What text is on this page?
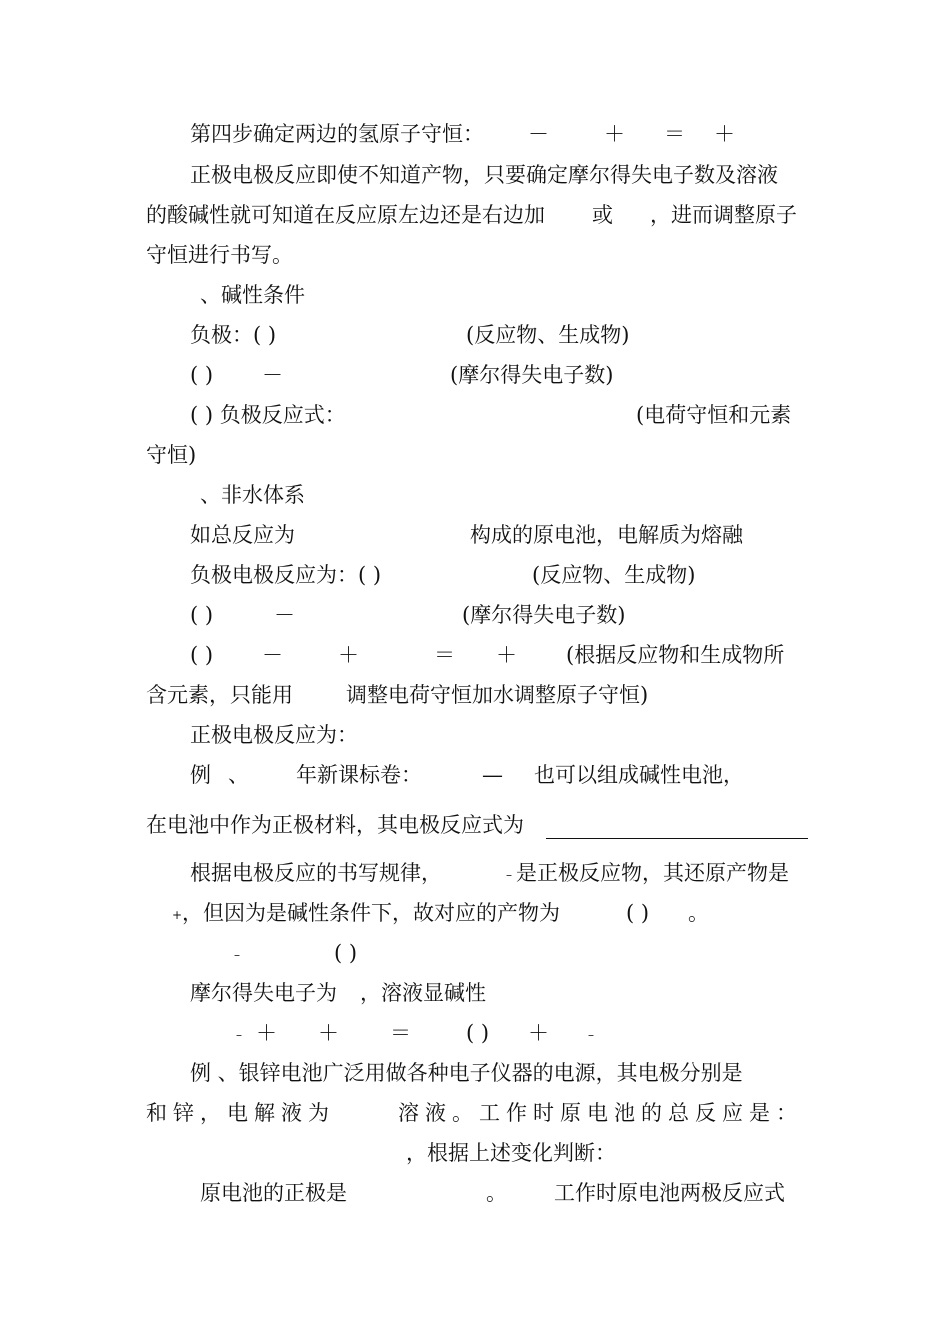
第四步确定两边的氢原子守恒： －	＋ ＝ ＋
正极电极反应即使不知道产物，只要确定摩尔得失电子数及溶液
的酸碱性就可知道在反应原左边还是右边加 或 ，进而调整原子
守恒进行书写。
、碱性条件
负极：( )	(反应物、生成物)
( ) －	(摩尔得失电子数)
( ) 负极反应式：	(电荷守恒和元素
守恒)
、非水体系
如总反应为	构成的原电池，电解质为熔融
负极电极反应为：( )	(反应物、生成物)
( )	－	(摩尔得失电子数)
( ) －	＋	＝ ＋ (根据反应物和生成物所
含元素，只能用	调整电荷守恒加水调整原子守恒)
正极电极反应为：
例 、 年新课标卷：	— 也可以组成碱性电池，
在电池中作为正极材料，其电极反应式为
根据电极反应的书写规律，	– 是正极反应物，其还原产物是
+ ，但因为是碱性条件下，故对应的产物为	( ) 。
–	( )
摩尔得失电子为 ，溶液显碱性
– ＋ ＋ ＝	( ) ＋	–
例 、银锌电池广泛用做各种电子仪器的电源，其电极分别是
和锌，电解液为	溶液。工作时原电池的总反应是：
，根据上述变化判断：
原电池的正极是	。 工作时原电池两极反应式
